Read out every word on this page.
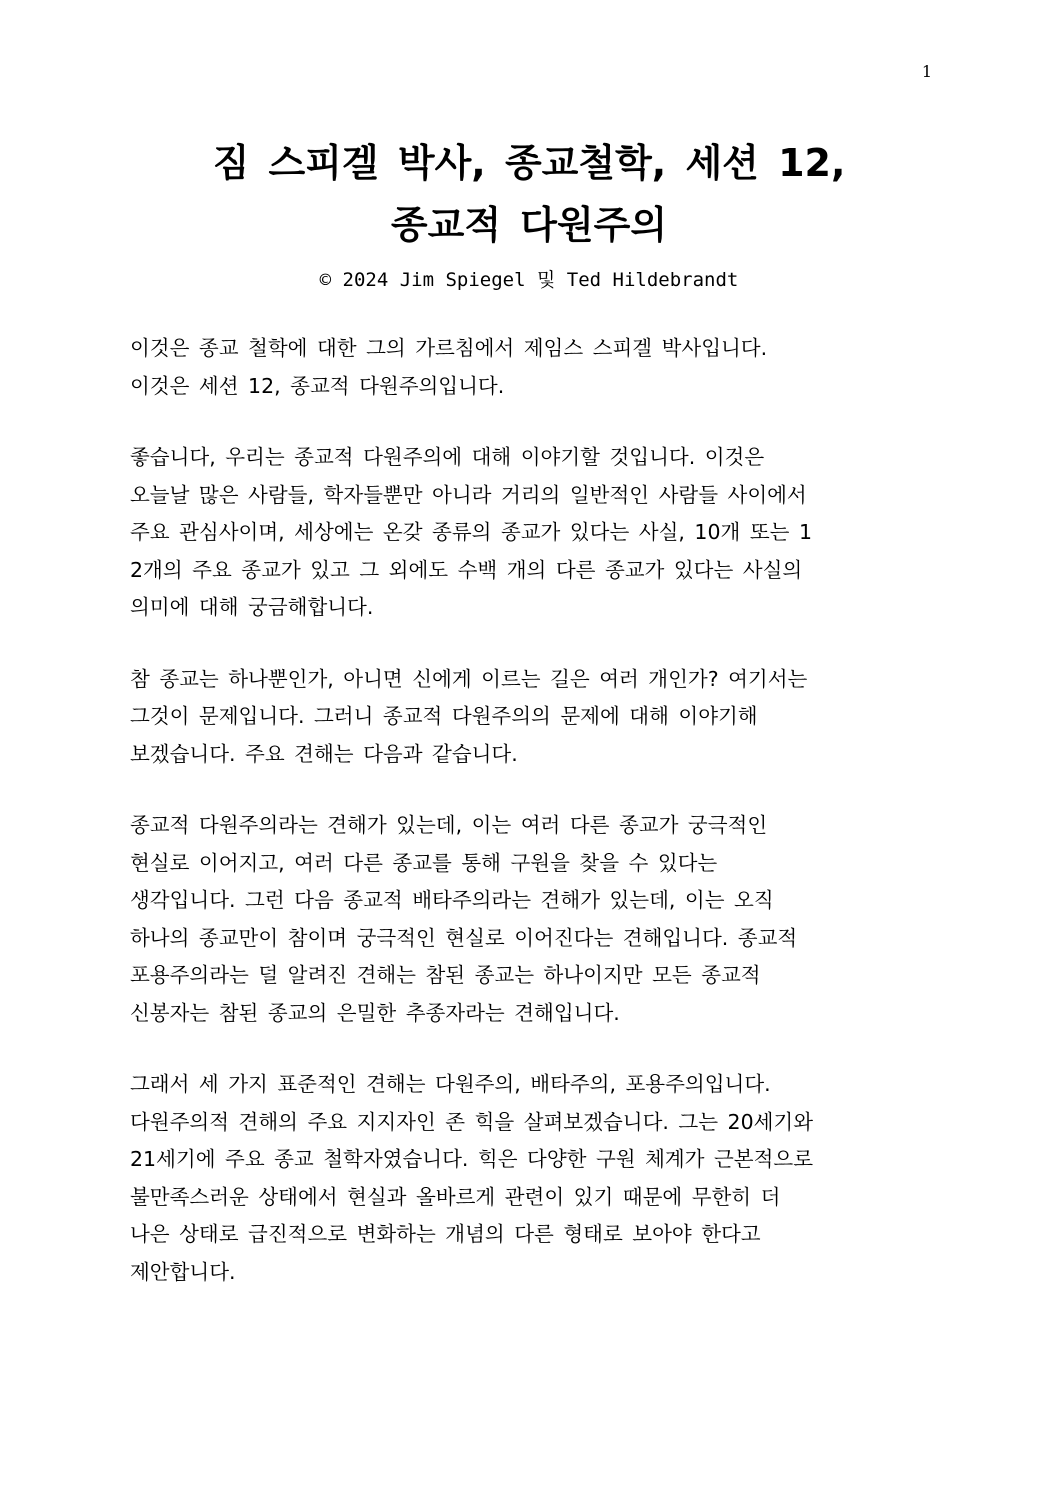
1
짐 스피겔 박사, 종교철학, 세션 12,
종교적 다원주의
© 2024 Jim Spiegel 및 Ted Hildebrandt

이것은 종교 철학에 대한 그의 가르침에서 제임스 스피겔 박사입니다.
이것은 세션 12, 종교적 다원주의입니다.

좋습니다, 우리는 종교적 다원주의에 대해 이야기할 것입니다. 이것은
오늘날 많은 사람들, 학자들뿐만 아니라 거리의 일반적인 사람들 사이에서
주요 관심사이며, 세상에는 온갖 종류의 종교가 있다는 사실, 10개 또는 1
2개의 주요 종교가 있고 그 외에도 수백 개의 다른 종교가 있다는 사실의
의미에 대해 궁금해합니다.

참 종교는 하나뿐인가, 아니면 신에게 이르는 길은 여러 개인가? 여기서는
그것이 문제입니다. 그러니 종교적 다원주의의 문제에 대해 이야기해
보겠습니다. 주요 견해는 다음과 같습니다.

종교적 다원주의라는 견해가 있는데, 이는 여러 다른 종교가 궁극적인
현실로 이어지고, 여러 다른 종교를 통해 구원을 찾을 수 있다는
생각입니다. 그런 다음 종교적 배타주의라는 견해가 있는데, 이는 오직
하나의 종교만이 참이며 궁극적인 현실로 이어진다는 견해입니다. 종교적
포용주의라는 덜 알려진 견해는 참된 종교는 하나이지만 모든 종교적
신봉자는 참된 종교의 은밀한 추종자라는 견해입니다.

그래서 세 가지 표준적인 견해는 다원주의, 배타주의, 포용주의입니다.
다원주의적 견해의 주요 지지자인 존 힉을 살펴보겠습니다. 그는 20세기와
21세기에 주요 종교 철학자였습니다. 힉은 다양한 구원 체계가 근본적으로
불만족스러운 상태에서 현실과 올바르게 관련이 있기 때문에 무한히 더
나은 상태로 급진적으로 변화하는 개념의 다른 형태로 보아야 한다고
제안합니다.
